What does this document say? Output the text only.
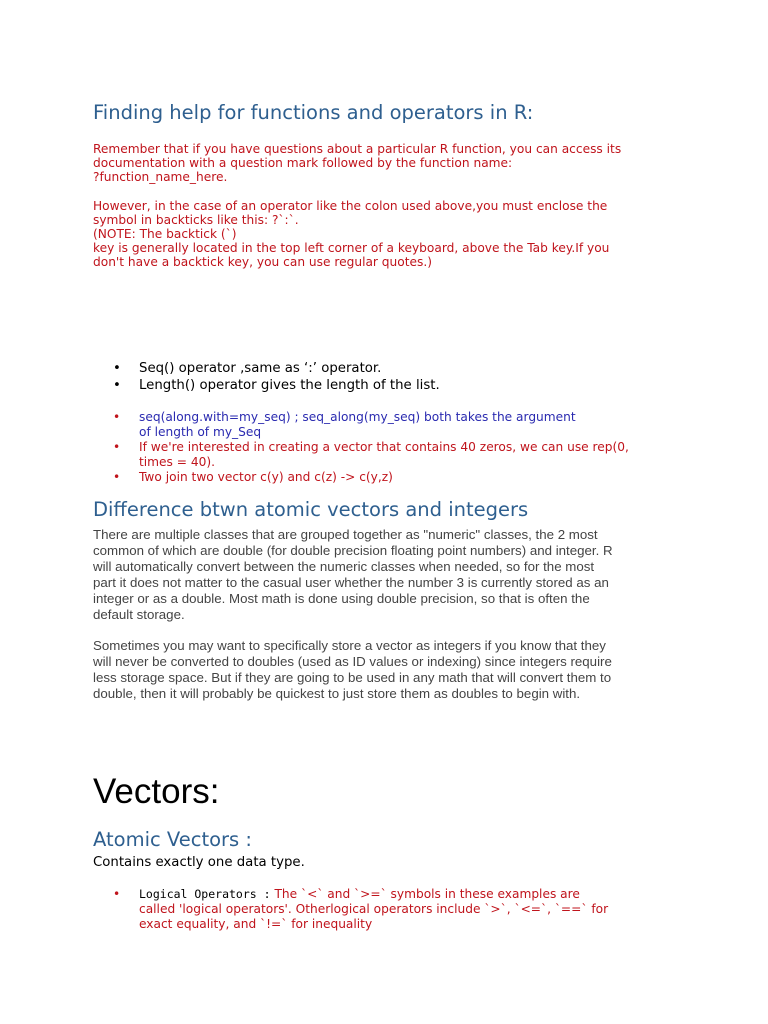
Finding help for functions and operators in R:
Remember that if you have questions about a particular R function, you can access its
documentation with a question mark followed by the function name:
?function_name_here.
However, in the case of an operator like the colon used above,you must enclose the
symbol in backticks like this: ?`:`.
(NOTE: The backtick (`)
key is generally located in the top left corner of a keyboard, above the Tab key.If you
don't have a backtick key, you can use regular quotes.)
• Seq() operator ,same as ‘:’ operator.
• Length() operator gives the length of the list.
• seq(along.with=my_seq) ; seq_along(my_seq) both takes the argument
of length of my_Seq
• If we're interested in creating a vector that contains 40 zeros, we can use rep(0,
times = 40).
• Two join two vector c(y) and c(z) -> c(y,z)
Difference btwn atomic vectors and integers
There are multiple classes that are grouped together as "numeric" classes, the 2 most
common of which are double (for double precision floating point numbers) and integer. R
will automatically convert between the numeric classes when needed, so for the most
part it does not matter to the casual user whether the number 3 is currently stored as an
integer or as a double. Most math is done using double precision, so that is often the
default storage.
Sometimes you may want to specifically store a vector as integers if you know that they
will never be converted to doubles (used as ID values or indexing) since integers require
less storage space. But if they are going to be used in any math that will convert them to
double, then it will probably be quickest to just store them as doubles to begin with.
Vectors:
Atomic Vectors :

Contains exactly one data type.

• Logical Operators : The `<` and `>=` symbols in these examples are
called 'logical operators'. Otherlogical operators include `>`, `<=`, `==` for
exact equality, and `!=` for inequality
